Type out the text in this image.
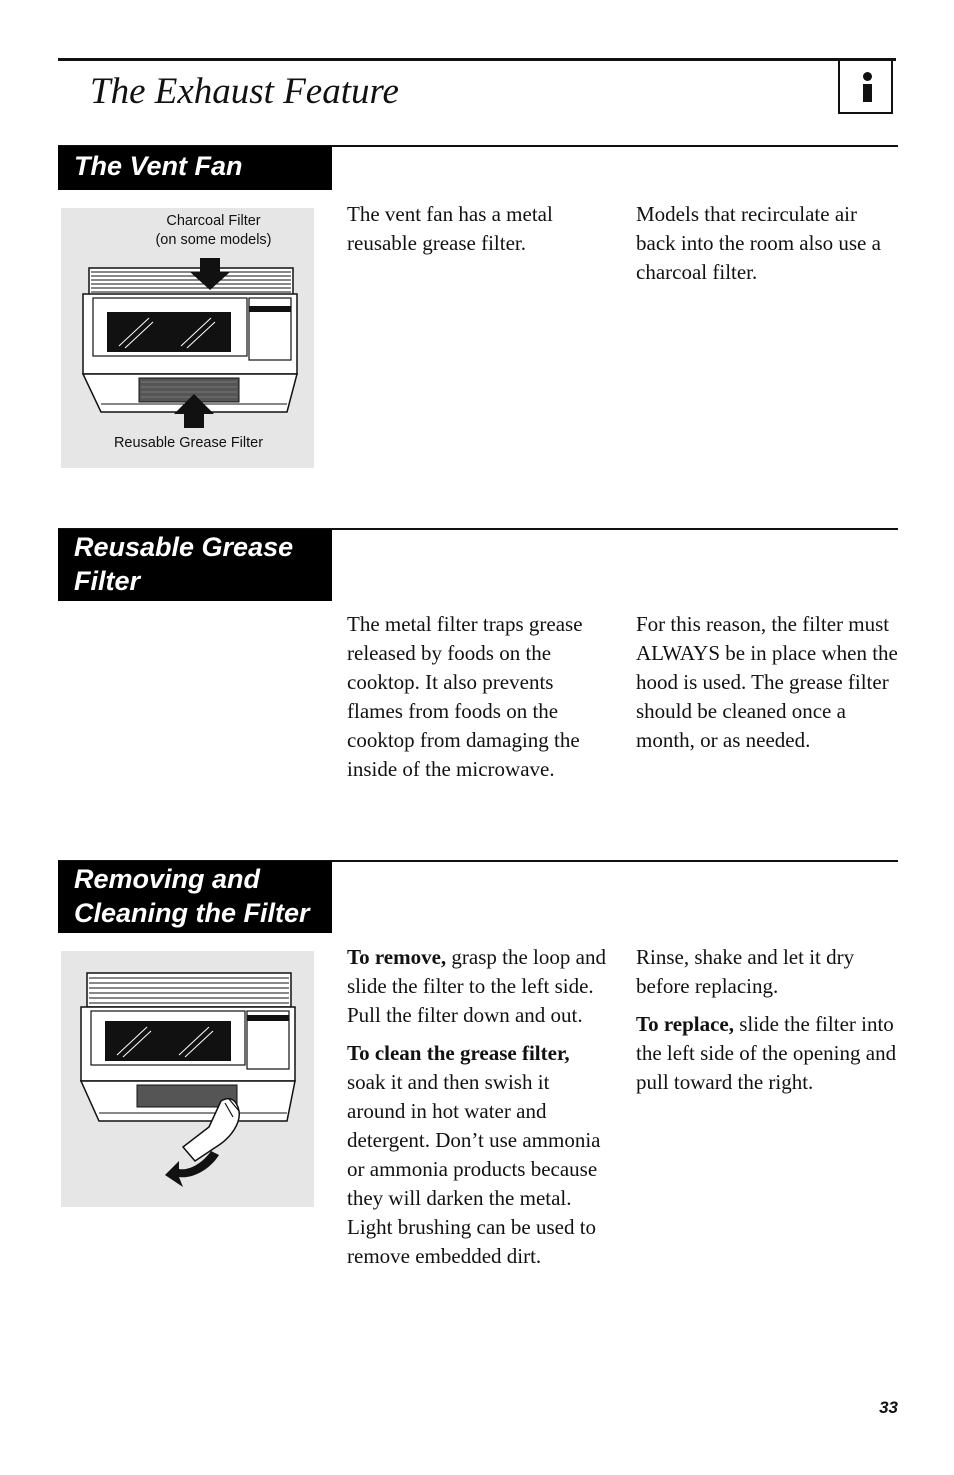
The Exhaust Feature
The Vent Fan
Charcoal Filter
(on some models)
Reusable Grease Filter

The vent fan has a metal reusable grease filter.

Models that recirculate air back into the room also use a charcoal filter.

Reusable Grease
Filter

The metal filter traps grease released by foods on the cooktop. It also prevents flames from foods on the cooktop from damaging the inside of the microwave.

For this reason, the filter must ALWAYS be in place when the hood is used. The grease filter should be cleaned once a month, or as needed.

Removing and
Cleaning the Filter

To remove, grasp the loop and slide the filter to the left side. Pull the filter down and out.

To clean the grease filter, soak it and then swish it around in hot water and detergent. Don’t use ammonia or ammonia products because they will darken the metal. Light brushing can be used to remove embedded dirt.

Rinse, shake and let it dry before replacing.

To replace, slide the filter into the left side of the opening and pull toward the right.

33
